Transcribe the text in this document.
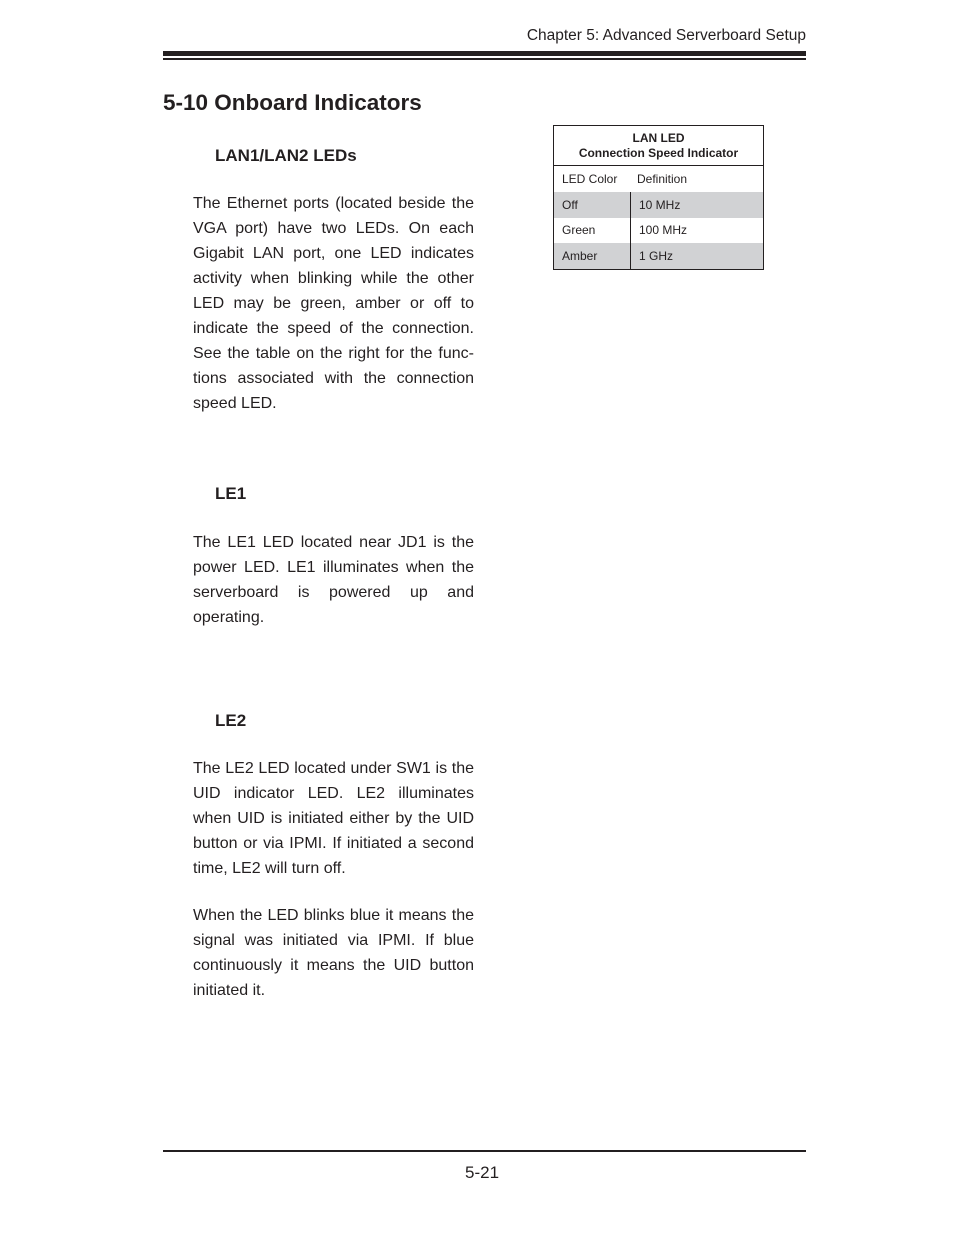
Chapter 5: Advanced Serverboard Setup
5-10 Onboard Indicators
LAN1/LAN2 LEDs

The Ethernet ports (located beside the VGA port) have two LEDs. On each Gigabit LAN port, one LED indicates activity when blinking while the other LED may be green, amber or off to indicate the speed of the connection. See the table on the right for the functions associated with the connection speed LED.

LAN LED
Connection Speed Indicator
LED Color	Definition
Off	10 MHz
Green	100 MHz
Amber	1 GHz
LE1

The LE1 LED located near JD1 is the power LED. LE1 illuminates when the serverboard is powered up and operating.

LE2

The LE2 LED located under SW1 is the UID indicator LED. LE2 illuminates when UID is initiated either by the UID button or via IPMI. If initiated a second time, LE2 will turn off.

When the LED blinks blue it means the signal was initiated via IPMI. If blue continuously it means the UID button initiated it.

5-21
